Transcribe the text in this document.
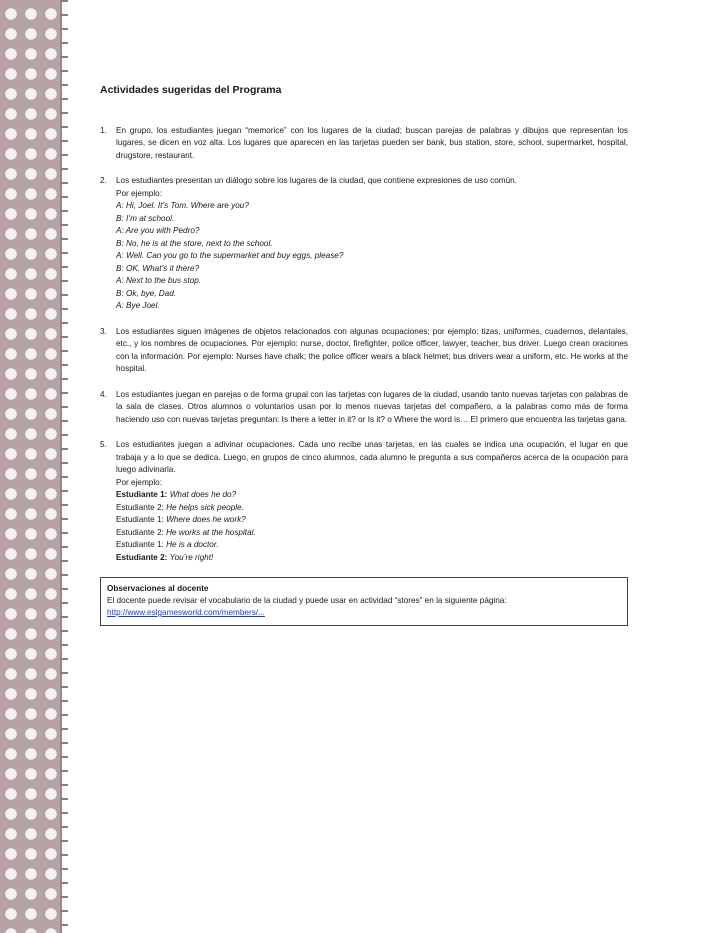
Actividades sugeridas del Programa
1.	En grupo, los estudiantes juegan “memorice” con los lugares de la ciudad; buscan parejas de palabras y dibujos que representan los lugares, se dicen en voz alta. Los lugares que aparecen en las tarjetas pueden ser bank, bus station, store, school, supermarket, hospital, drugstore, restaurant.
2.	Los estudiantes presentan un diálogo sobre los lugares de la ciudad, que contiene expresiones de uso común.
Por ejemplo:
A: Hi, Joel. It’s Tom. Where are you?
B: I’m at school.
A: Are you with Pedro?
B: No, he is at the store, next to the school.
A: Well. Can you go to the supermarket and buy eggs, please?
B: OK. What’s it there?
A: Next to the bus stop.
B: Ok, bye, Dad.
A: Bye Joel.
3.	Los estudiantes siguen imágenes de objetos relacionados con algunas ocupaciones; por ejemplo: tizas, uniformes, cuadernos, delantales, etc., y los nombres de ocupaciones. Por ejemplo: nurse, doctor, firefighter, police officer, lawyer, teacher, bus driver. Luego crean oraciones con la información. Por ejemplo: Nurses have chalk; the police officer wears a black helmet; bus drivers wear a uniform, etc. He works at the hospital.
4.	Los estudiantes juegan en parejas o de forma grupal con las tarjetas con lugares de la ciudad, usando tanto nuevas tarjetas con palabras de la sala de clases. Otros alumnos o voluntarios usan por lo menos nuevas tarjetas del compañero, a la palabras como más de forma haciendo uso con nuevas tarjetas preguntan: Is there a letter in it? or Is it? o Where the word is… El primero que encuentra las tarjetas gana.
5.	Los estudiantes juegan a adivinar ocupaciones. Cada uno recibe unas tarjetas, en las cuales se indica una ocupación, el lugar en que trabaja y a lo que se dedica. Luego, en grupos de cinco alumnos, cada alumno le pregunta a sus compañeros acerca de la ocupación para luego adivinarla.
Por ejemplo:
Estudiante 1: What does he do?
Estudiante 2: He helps sick people.
Estudiante 1: Where does he work?
Estudiante 2: He works at the hospital.
Estudiante 1: He is a doctor.
Estudiante 2: You’re right!
Observaciones al docente
El docente puede revisar el vocabulario de la ciudad y puede usar en actividad “stores” en la siguiente página: http://www.eslgamesworld.com/members/...
